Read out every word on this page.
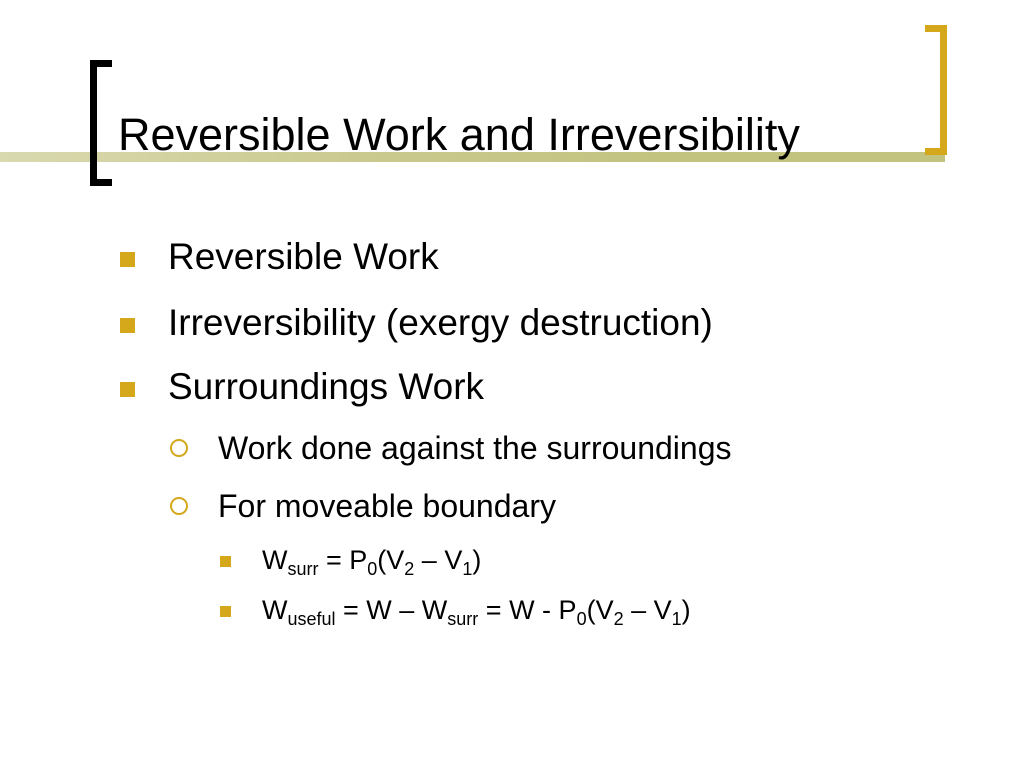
Reversible Work and Irreversibility
Reversible Work
Irreversibility (exergy destruction)
Surroundings Work
Work done against the surroundings
For moveable boundary
$W_{surr} = P_0(V_2 - V_1)$
$W_{useful} = W - W_{surr} = W - P_0(V_2 - V_1)$
